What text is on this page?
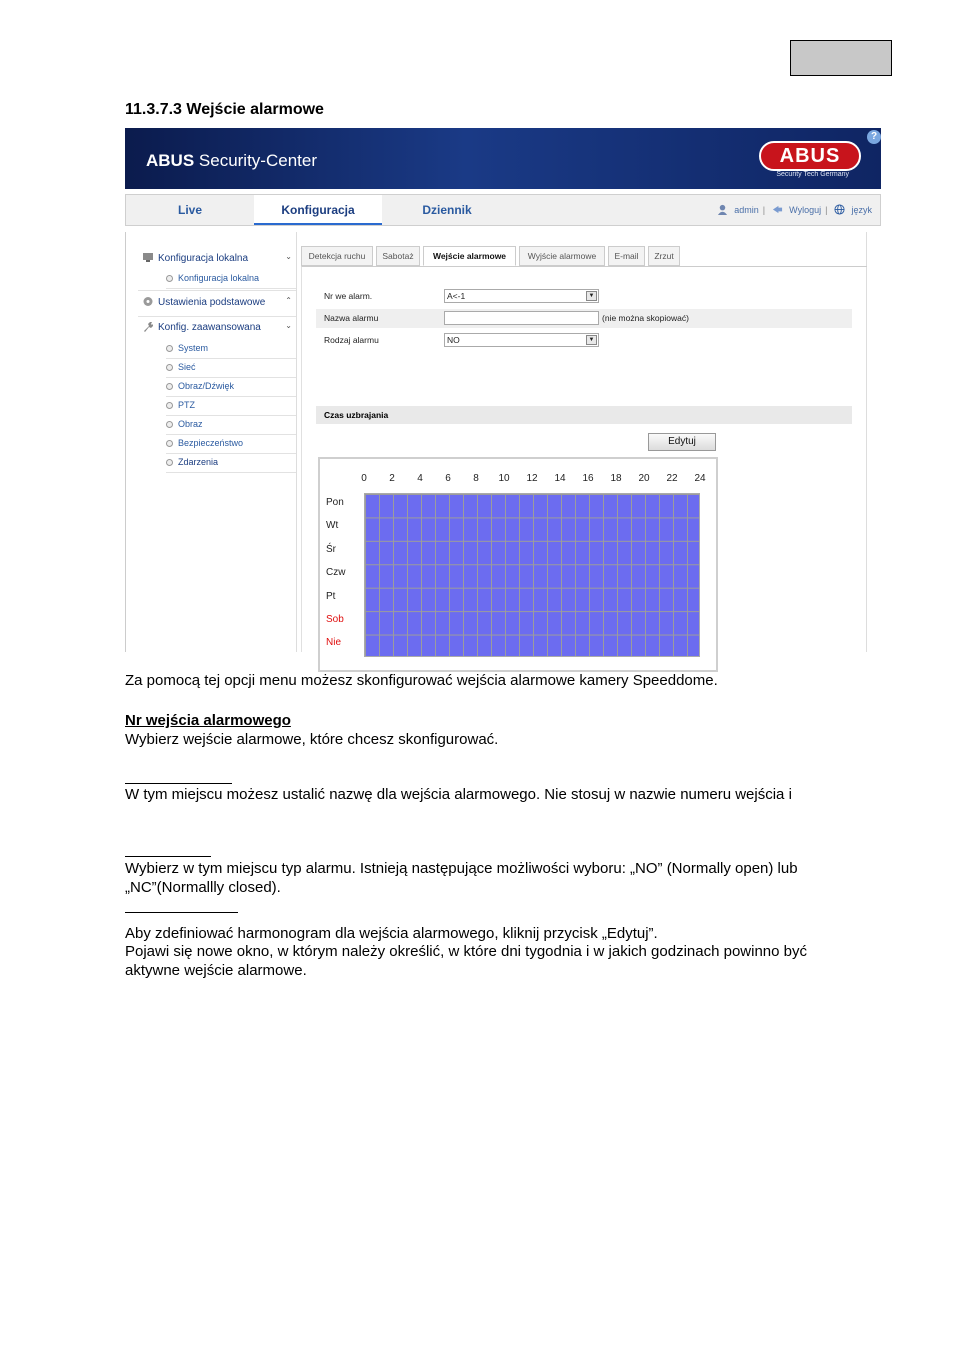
11.3.7.3 Wejście alarmowe
ABUS Security-Center	ABUS
Security Tech Germany
?
Live	Konfiguracja	Dziennik	admin |	Wyloguj |	język
Konfiguracja lokalna	⌄
Konfiguracja lokalna
Ustawienia podstawowe	⌃
Konfig. zaawansowana	⌄
System
Sieć
Obraz/Dźwięk
PTZ
Obraz
Bezpieczeństwo
Zdarzenia
Detekcja ruchu	Sabotaż	Wejście alarmowe	Wyjście alarmowe	E-mail	Zrzut
Nr we alarm.	A<-1	▼
Nazwa alarmu	(nie można skopiować)
Rodzaj alarmu	NO	▼
Czas uzbrajania
Edytuj
0	2	4	6	8	10	12	14	16	18	20	22	24
Pon
Wt
Śr
Czw
Pt
Sob
Nie
Za pomocą tej opcji menu możesz skonfigurować wejścia alarmowe kamery Speeddome.
Nr wejścia alarmowego
Wybierz wejście alarmowe, które chcesz skonfigurować.
W tym miejscu możesz ustalić nazwę dla wejścia alarmowego. Nie stosuj w nazwie numeru wejścia i
Wybierz w tym miejscu typ alarmu. Istnieją następujące możliwości wyboru: „NO” (Normally open) lub „NC”(Normallly closed).
Aby zdefiniować harmonogram dla wejścia alarmowego, kliknij przycisk „Edytuj”.
Pojawi się nowe okno, w którym należy określić, w które dni tygodnia i w jakich godzinach powinno być aktywne wejście alarmowe.
